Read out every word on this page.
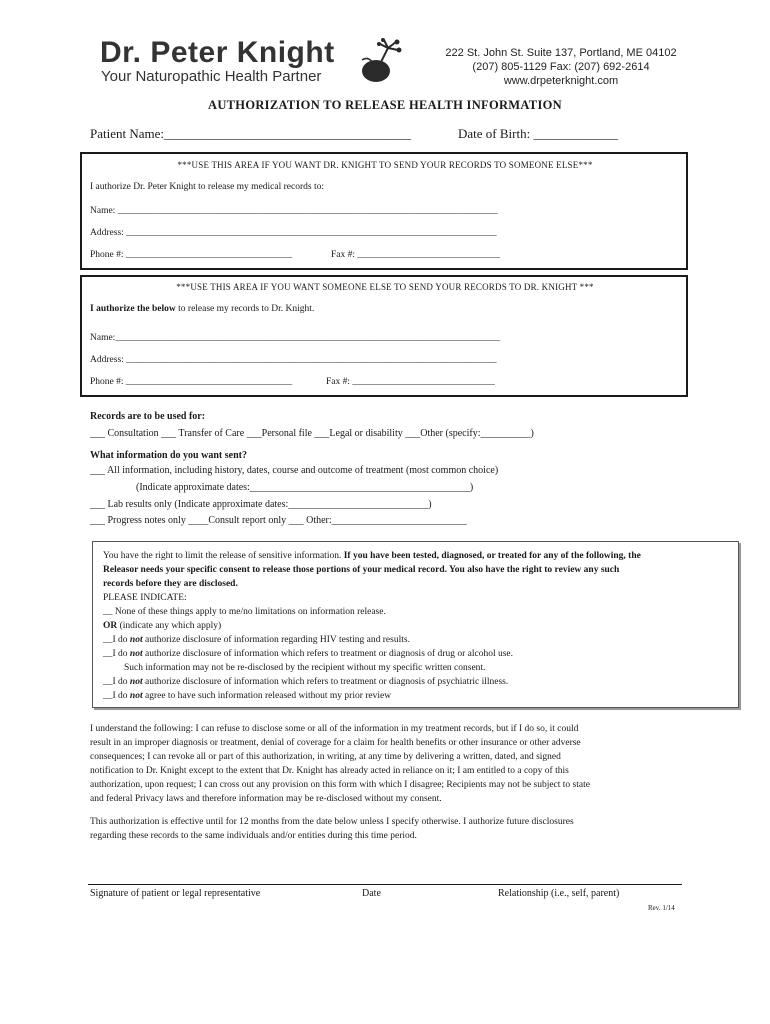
Dr. Peter Knight
Your Naturopathic Health Partner
222 St. John St. Suite 137, Portland, ME 04102
(207) 805-1129 Fax: (207) 692-2614
www.drpeterknight.com
AUTHORIZATION TO RELEASE HEALTH INFORMATION
Patient Name:______________________________________	Date of Birth: _____________
***USE THIS AREA IF YOU WANT DR. KNIGHT TO SEND YOUR RECORDS TO SOMEONE ELSE***
I authorize Dr. Peter Knight to release my medical records to:
Name: ________________________________________________________________________________
Address: ______________________________________________________________________________
Phone #: ___________________________________	Fax #: ______________________________
***USE THIS AREA IF YOU WANT SOMEONE ELSE TO SEND YOUR RECORDS TO DR. KNIGHT ***
I authorize the below to release my records to Dr. Knight.
Name:_________________________________________________________________________________
Address: ______________________________________________________________________________
Phone #: ___________________________________	Fax #: ______________________________
Records are to be used for:
___ Consultation ___ Transfer of Care ___Personal file ___Legal or disability ___Other (specify:__________)
What information do you want sent?
___ All information, including history, dates, course and outcome of treatment (most common choice)
(Indicate approximate dates:____________________________________________)
___ Lab results only (Indicate approximate dates:____________________________)
___ Progress notes only ____Consult report only ___ Other:___________________________
You have the right to limit the release of sensitive information. If you have been tested, diagnosed, or treated for any of the following, the
Releasor needs your specific consent to release those portions of your medical record. You also have the right to review any such
records before they are disclosed.
PLEASE INDICATE:
__ None of these things apply to me/no limitations on information release.
OR (indicate any which apply)
__I do not authorize disclosure of information regarding HIV testing and results.
__I do not authorize disclosure of information which refers to treatment or diagnosis of drug or alcohol use.
Such information may not be re-disclosed by the recipient without my specific written consent.
__I do not authorize disclosure of information which refers to treatment or diagnosis of psychiatric illness.
__I do not agree to have such information released without my prior review
I understand the following: I can refuse to disclose some or all of the information in my treatment records, but if I do so, it could
result in an improper diagnosis or treatment, denial of coverage for a claim for health benefits or other insurance or other adverse
consequences; I can revoke all or part of this authorization, in writing, at any time by delivering a written, dated, and signed
notification to Dr. Knight except to the extent that Dr. Knight has already acted in reliance on it; I am entitled to a copy of this
authorization, upon request; I can cross out any provision on this form with which I disagree; Recipients may not be subject to state
and federal Privacy laws and therefore information may be re-disclosed without my consent.
This authorization is effective until for 12 months from the date below unless I specify otherwise. I authorize future disclosures
regarding these records to the same individuals and/or entities during this time period.
Signature of patient or legal representative	Date	Relationship (i.e., self, parent)
Rev. 1/14
